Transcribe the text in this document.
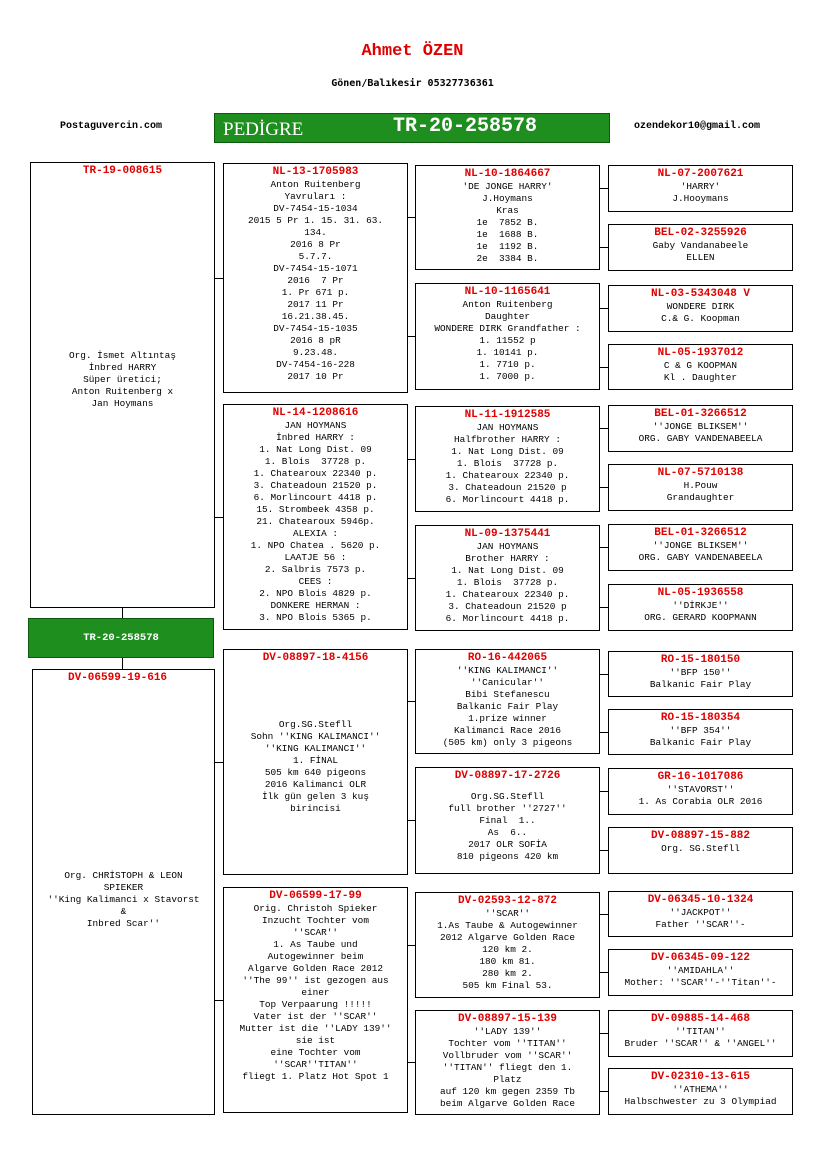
Ahmet ÖZEN
Gönen/Balıkesir 05327736361
Postaguvercin.com	ozendekor10@gmail.com
PEDİGRE	TR-20-258578
TR-19-008615
Org. İsmet Altıntaş
İnbred HARRY
Süper üretici;
Anton Ruitenberg x
Jan Hoymans
TR-20-258578
DV-06599-19-616
Org. CHRİSTOPH & LEON
SPIEKER
''King Kalimanci x Stavorst
&
Inbred Scar''
NL-13-1705983
Anton Ruitenberg
Yavruları :
DV-7454-15-1034
2015 5 Pr 1. 15. 31. 63.
134.
2016 8 Pr
5.7.7.
DV-7454-15-1071
2016  7 Pr
1. Pr 671 p.
2017 11 Pr
16.21.38.45.
DV-7454-15-1035
2016 8 pR
9.23.48.
DV-7454-16-228
2017 10 Pr
NL-14-1208616
JAN HOYMANS
İnbred HARRY :
1. Nat Long Dist. 09
1. Blois  37728 p.
1. Chatearoux 22340 p.
3. Chateadoun 21520 p.
6. Morlincourt 4418 p.
15. Strombeek 4358 p.
21. Chatearoux 5946p.
ALEXIA :
1. NPO Chatea . 5620 p.
LAATJE 56 :
2. Salbris 7573 p.
CEES :
2. NPO Blois 4829 p.
DONKERE HERMAN :
3. NPO Blois 5365 p.
DV-08897-18-4156
Org.SG.Stefll
Sohn ''KING KALIMANCI''
''KING KALIMANCI''
1. FİNAL
505 km 640 pigeons
2016 Kalimanci OLR
İlk gün gelen 3 kuş
birincisi
DV-06599-17-99
Orig. Christoh Spieker
Inzucht Tochter vom
''SCAR''
1. As Taube und
Autogewinner beim
Algarve Golden Race 2012
''The 99'' ist gezogen aus
einer
Top Verpaarung !!!!!
Vater ist der ''SCAR''
Mutter ist die ''LADY 139''
sie ist
eine Tochter vom
''SCAR''TITAN''
fliegt 1. Platz Hot Spot 1
NL-10-1864667
'DE JONGE HARRY'
J.Hoymans
Kras
1e  7852 B.
1e  1688 B.
1e  1192 B.
2e  3384 B.
NL-10-1165641
Anton Ruitenberg
Daughter
WONDERE DIRK Grandfather :
1. 11552 p
1. 10141 p.
1. 7710 p.
1. 7000 p.
NL-11-1912585
JAN HOYMANS
Halfbrother HARRY :
1. Nat Long Dist. 09
1. Blois  37728 p.
1. Chatearoux 22340 p.
3. Chateadoun 21520 p
6. Morlincourt 4418 p.
NL-09-1375441
JAN HOYMANS
Brother HARRY :
1. Nat Long Dist. 09
1. Blois  37728 p.
1. Chatearoux 22340 p.
3. Chateadoun 21520 p
6. Morlincourt 4418 p.
RO-16-442065
''KING KALIMANCI''
''Canicular''
Bibi Stefanescu
Balkanic Fair Play
1.prize winner
Kalimanci Race 2016
(505 km) only 3 pigeons
DV-08897-17-2726
Org.SG.Stefll
full brother ''2727''
Final  1..
As  6..
2017 OLR SOFİA
810 pigeons 420 km
DV-02593-12-872
''SCAR''
1.As Taube & Autogewinner
2012 Algarve Golden Race
120 km 2.
180 km 81.
280 km 2.
505 km Final 53.
DV-08897-15-139
''LADY 139''
Tochter vom ''TITAN''
Vollbruder vom ''SCAR''
''TITAN'' fliegt den 1.
Platz
auf 120 km gegen 2359 Tb
beim Algarve Golden Race
NL-07-2007621
'HARRY'
J.Hooymans
BEL-02-3255926
Gaby Vandanabeele
ELLEN
NL-03-5343048 V
WONDERE DIRK
C.& G. Koopman
NL-05-1937012
C & G KOOPMAN
Kl . Daughter
BEL-01-3266512
''JONGE BLIKSEM''
ORG. GABY VANDENABEELA
NL-07-5710138
H.Pouw
Grandaughter
BEL-01-3266512
''JONGE BLIKSEM''
ORG. GABY VANDENABEELA
NL-05-1936558
''DİRKJE''
ORG. GERARD KOOPMANN
RO-15-180150
''BFP 150''
Balkanic Fair Play
RO-15-180354
''BFP 354''
Balkanic Fair Play
GR-16-1017086
''STAVORST''
1. As Corabia OLR 2016
DV-08897-15-882
Org. SG.Stefll
DV-06345-10-1324
''JACKPOT''
Father ''SCAR''-
DV-06345-09-122
''AMIDAHLA''
Mother: ''SCAR''-''Titan''-
DV-09885-14-468
''TITAN''
Bruder ''SCAR'' & ''ANGEL''
DV-02310-13-615
''ATHEMA''
Halbschwester zu 3 Olympiad
